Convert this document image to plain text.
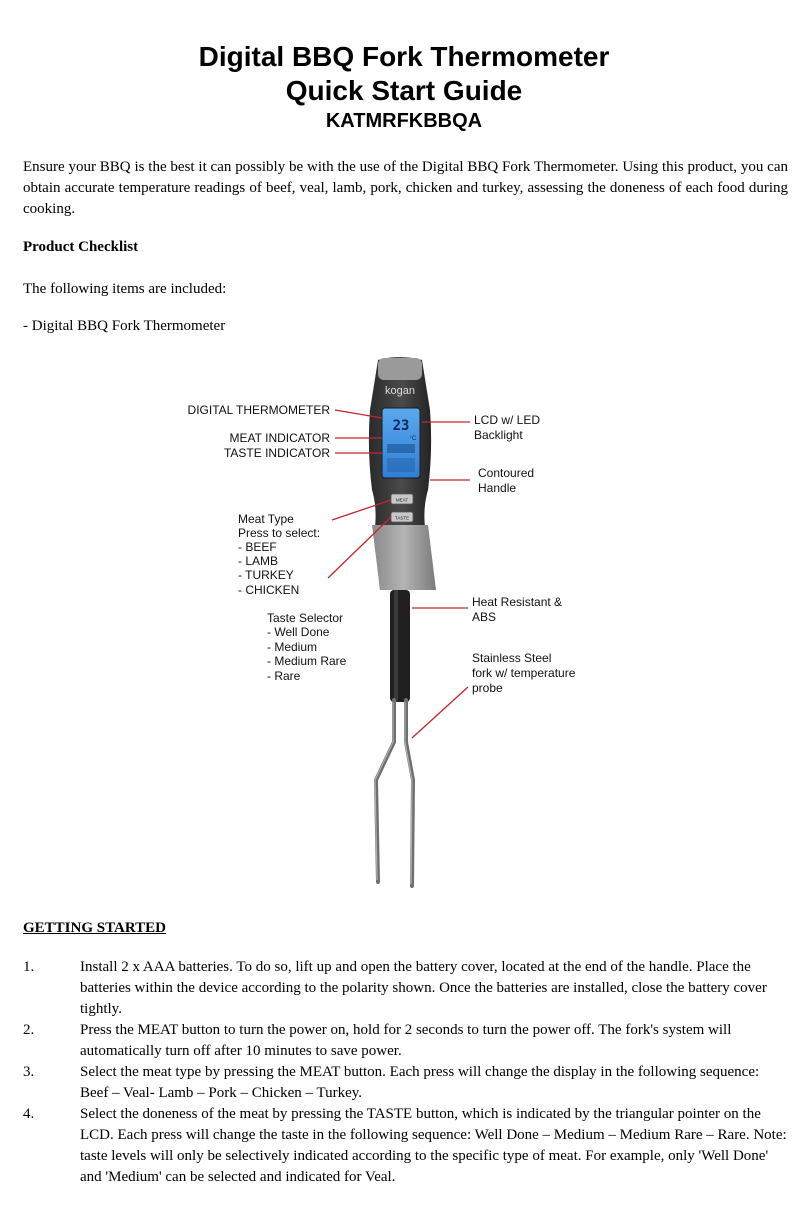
Digital BBQ Fork Thermometer
Quick Start Guide
KATMRFKBBQA
Ensure your BBQ is the best it can possibly be with the use of the Digital BBQ Fork Thermometer. Using this product, you can obtain accurate temperature readings of beef, veal, lamb, pork, chicken and turkey, assessing the doneness of each food during cooking.
Product Checklist
The following items are included:
- Digital BBQ Fork Thermometer
kogan
23
°C
MEAT
TASTE
DIGITAL THERMOMETER
MEAT INDICATOR
TASTE INDICATOR
Meat Type
Press to select:
- BEEF
- LAMB
- TURKEY
- CHICKEN
Taste Selector
- Well Done
- Medium
- Medium Rare
- Rare
LCD w/ LED
Backlight
Contoured
Handle
Heat Resistant &
ABS
Stainless Steel
fork w/ temperature
probe
GETTING STARTED
1.	Install 2 x AAA batteries. To do so, lift up and open the battery cover, located at the end of the handle. Place the batteries within the device according to the polarity shown. Once the batteries are installed, close the battery cover tightly.
2.	Press the MEAT button to turn the power on, hold for 2 seconds to turn the power off. The fork's system will automatically turn off after 10 minutes to save power.
3.	Select the meat type by pressing the MEAT button. Each press will change the display in the following sequence: Beef – Veal- Lamb – Pork – Chicken – Turkey.
4.	Select the doneness of the meat by pressing the TASTE button, which is indicated by the triangular pointer on the LCD. Each press will change the taste in the following sequence: Well Done – Medium – Medium Rare – Rare. Note: taste levels will only be selectively indicated according to the specific type of meat. For example, only 'Well Done' and 'Medium' can be selected and indicated for Veal.
